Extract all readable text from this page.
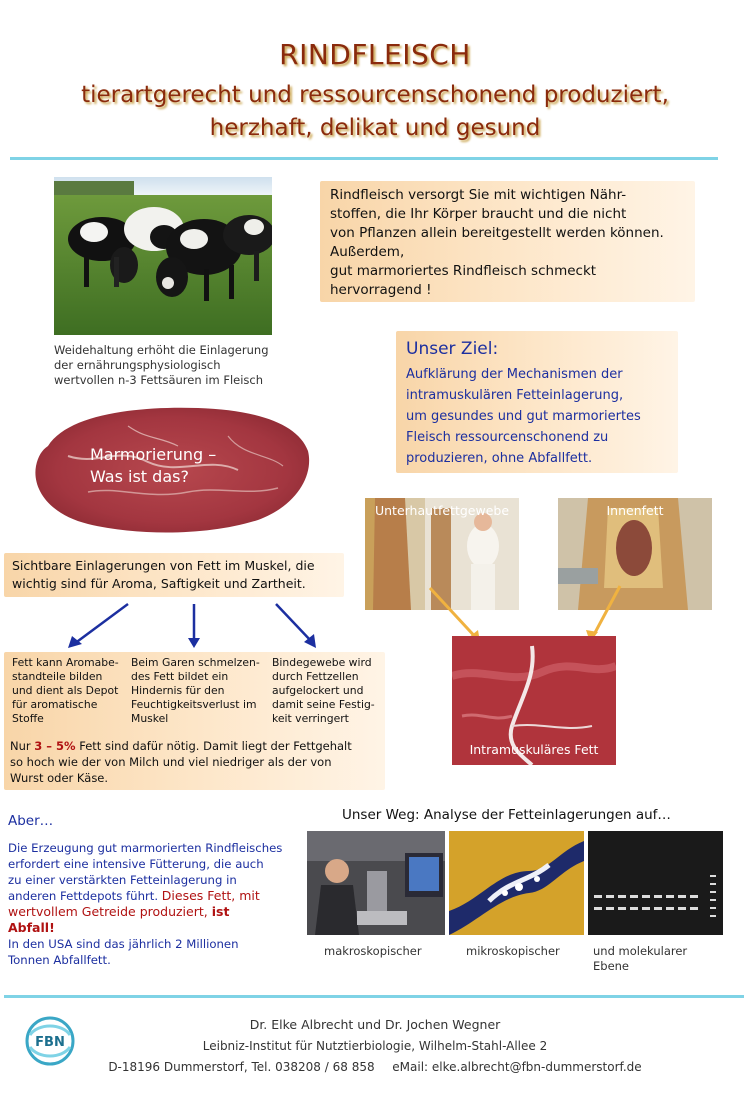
RINDFLEISCH
tierartgerecht und ressourcenschonend produziert,
herzhaft, delikat und gesund
Weidehaltung erhöht die Einlagerung
der ernährungsphysiologisch
wertvollen n-3 Fettsäuren im Fleisch
Rindfleisch versorgt Sie mit wichtigen Nähr-
stoffen, die Ihr Körper braucht und die nicht
von Pflanzen allein bereitgestellt werden können.
Außerdem,
gut marmoriertes Rindfleisch schmeckt
hervorragend !
Unser Ziel:
Aufklärung der Mechanismen der
intramuskulären Fetteinlagerung,
um gesundes und gut marmoriertes
Fleisch ressourcenschonend zu
produzieren, ohne Abfallfett.
Marmorierung –
Was ist das?
Unterhautfettgewebe	Innenfett
Intramuskuläres Fett
Sichtbare Einlagerungen von Fett im Muskel, die
wichtig sind für Aroma, Saftigkeit und Zartheit.
Fett kann Aromabe-
standteile bilden
und dient als Depot
für aromatische
Stoffe
Beim Garen schmelzen-
des Fett bildet ein
Hindernis für den
Feuchtigkeitsverlust im
Muskel
Bindegewebe wird
durch Fettzellen
aufgelockert und
damit seine Festig-
keit verringert
Nur 3 – 5% Fett sind dafür nötig. Damit liegt der Fettgehalt
so hoch wie der von Milch und viel niedriger als der von
Wurst oder Käse.
Aber…
Die Erzeugung gut marmorierten Rindfleisches
erfordert eine intensive Fütterung, die auch
zu einer verstärkten Fetteinlagerung in
anderen Fettdepots führt. Dieses Fett, mit
wertvollem Getreide produziert, ist
Abfall!
In den USA sind das jährlich 2 Millionen
Tonnen Abfallfett.
Unser Weg: Analyse der Fetteinlagerungen auf…
makroskopischer	mikroskopischer	und molekularer
Ebene
FBN
Dr. Elke Albrecht und Dr. Jochen Wegner
Leibniz-Institut für Nutztierbiologie, Wilhelm-Stahl-Allee 2
D-18196 Dummerstorf, Tel. 038208 / 68 858 eMail: elke.albrecht@fbn-dummerstorf.de
